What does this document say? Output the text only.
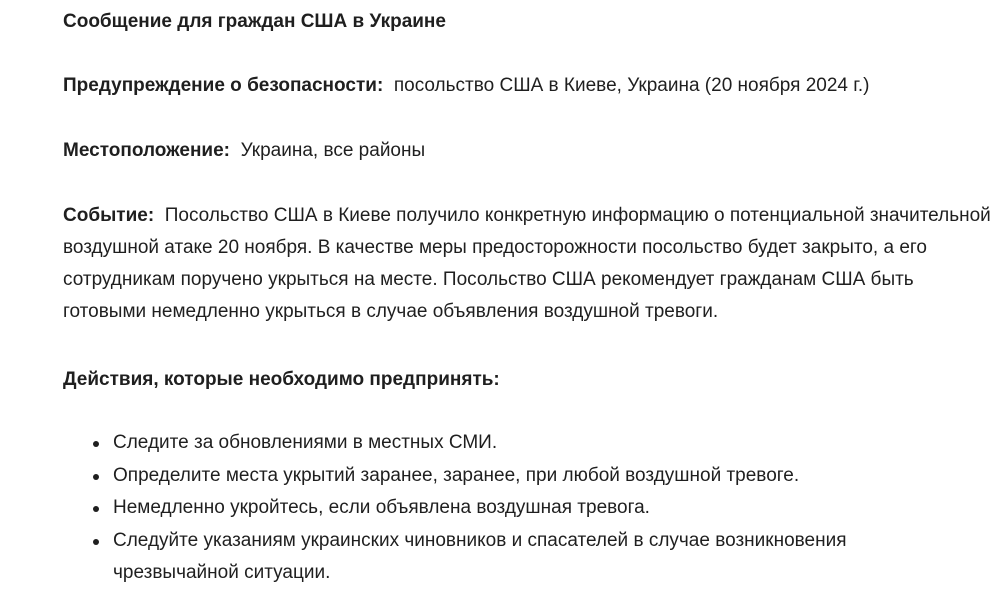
Сообщение для граждан США в Украине

Предупреждение о безопасности: посольство США в Киеве, Украина (20 ноября 2024 г.)

Местоположение: Украина, все районы

Событие: Посольство США в Киеве получило конкретную информацию о потенциальной значительной воздушной атаке 20 ноября. В качестве меры предосторожности посольство будет закрыто, а его сотрудникам поручено укрыться на месте. Посольство США рекомендует гражданам США быть готовыми немедленно укрыться в случае объявления воздушной тревоги.

Действия, которые необходимо предпринять:

Следите за обновлениями в местных СМИ.
Определите места укрытий заранее, заранее, при любой воздушной тревоге.
Немедленно укройтесь, если объявлена воздушная тревога.
Следуйте указаниям украинских чиновников и спасателей в случае возникновения чрезвычайной ситуации.
